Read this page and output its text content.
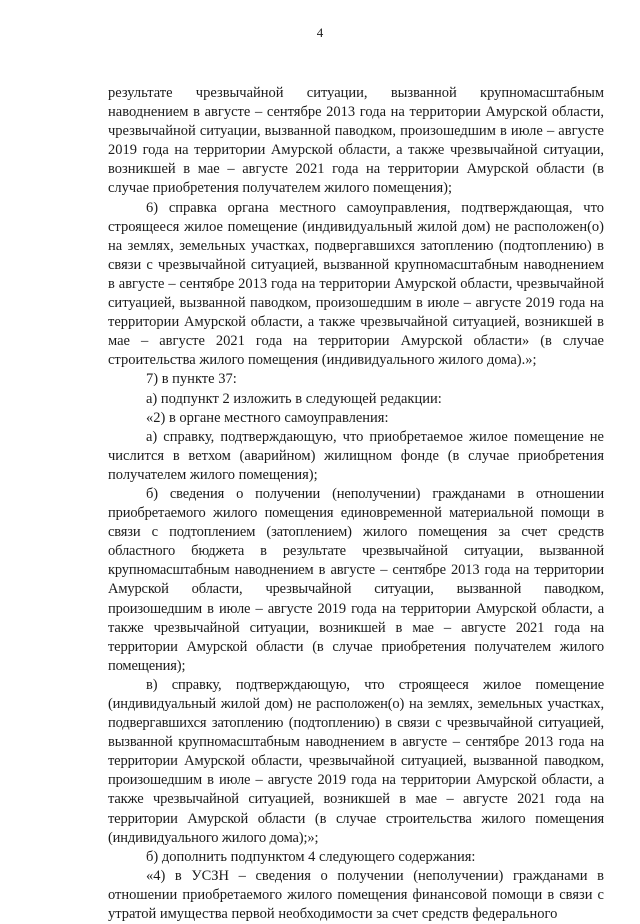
4

результате чрезвычайной ситуации, вызванной крупномасштабным наводнением в августе – сентябре 2013 года на территории Амурской области, чрезвычайной ситуации, вызванной паводком, произошедшим в июле – августе 2019 года на территории Амурской области, а также чрезвычайной ситуации, возникшей в мае – августе 2021 года на территории Амурской области (в случае приобретения получателем жилого помещения);

6) справка органа местного самоуправления, подтверждающая, что строящееся жилое помещение (индивидуальный жилой дом) не расположен(о) на землях, земельных участках, подвергавшихся затоплению (подтоплению) в связи с чрезвычайной ситуацией, вызванной крупномасштабным наводнением в августе – сентябре 2013 года на территории Амурской области, чрезвычайной ситуацией, вызванной паводком, произошедшим в июле – августе 2019 года на территории Амурской области, а также чрезвычайной ситуацией, возникшей в мае – августе 2021 года на территории Амурской области» (в случае строительства жилого помещения (индивидуального жилого дома).»;

7) в пункте 37:

а) подпункт 2 изложить в следующей редакции:

«2) в органе местного самоуправления:

а) справку, подтверждающую, что приобретаемое жилое помещение не числится в ветхом (аварийном) жилищном фонде (в случае приобретения получателем жилого помещения);

б) сведения о получении (неполучении) гражданами в отношении приобретаемого жилого помещения единовременной материальной помощи в связи с подтоплением (затоплением) жилого помещения за счет средств областного бюджета в результате чрезвычайной ситуации, вызванной крупномасштабным наводнением в августе – сентябре 2013 года на территории Амурской области, чрезвычайной ситуации, вызванной паводком, произошедшим в июле – августе 2019 года на территории Амурской области, а также чрезвычайной ситуации, возникшей в мае – августе 2021 года на территории Амурской области (в случае приобретения получателем жилого помещения);

в) справку, подтверждающую, что строящееся жилое помещение (индивидуальный жилой дом) не расположен(о) на землях, земельных участках, подвергавшихся затоплению (подтоплению) в связи с чрезвычайной ситуацией, вызванной крупномасштабным наводнением в августе – сентябре 2013 года на территории Амурской области, чрезвычайной ситуацией, вызванной паводком, произошедшим в июле – августе 2019 года на территории Амурской области, а также чрезвычайной ситуацией, возникшей в мае – августе 2021 года на территории Амурской области (в случае строительства жилого помещения (индивидуального жилого дома);»;

б) дополнить подпунктом 4 следующего содержания:

«4) в УСЗН – сведения о получении (неполучении) гражданами в отношении приобретаемого жилого помещения финансовой помощи в связи с утратой имущества первой необходимости за счет средств федерального
